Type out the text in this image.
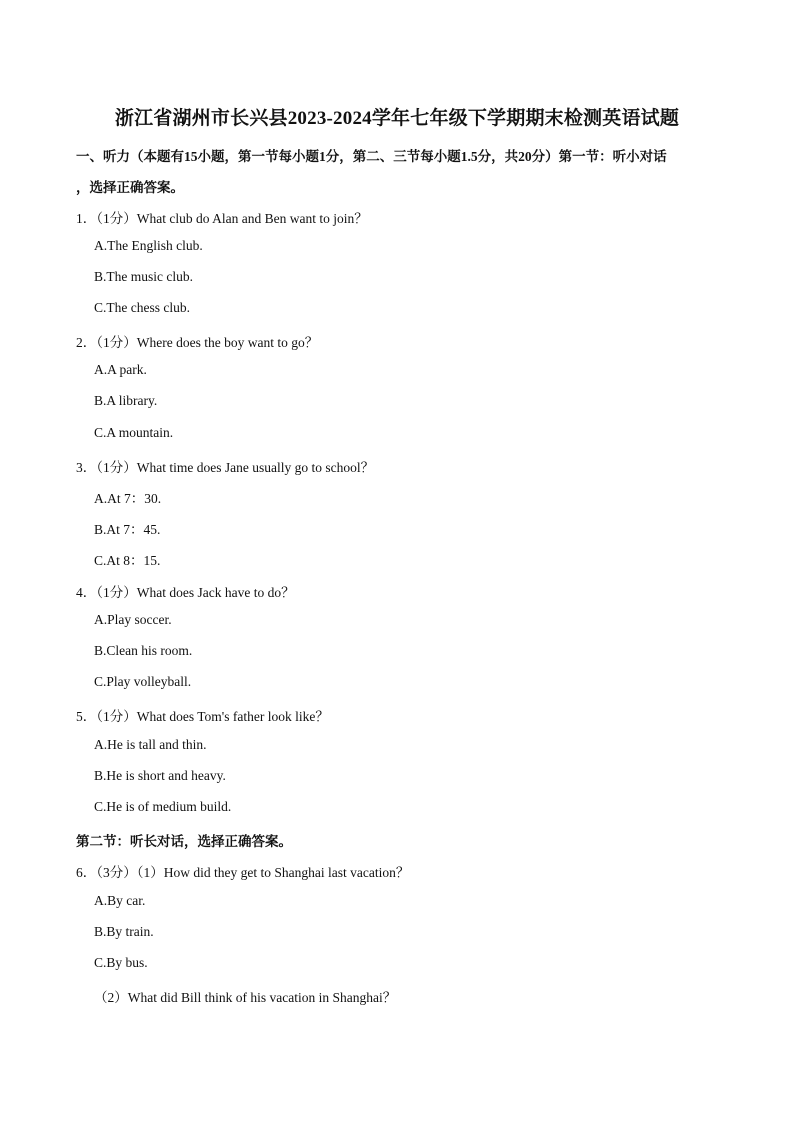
浙江省湖州市长兴县2023-2024学年七年级下学期期末检测英语试题
一、听力（本题有15小题，第一节每小题1分，第二、三节每小题1.5分，共20分）第一节：听小对话
，选择正确答案。
1．（1分）What club do Alan and Ben want to join？
A.The English club.
B.The music club.
C.The chess club.
2．（1分）Where does the boy want to go？
A.A park.
B.A library.
C.A mountain.
3．（1分）What time does Jane usually go to school？
A.At 7：30.
B.At 7：45.
C.At 8：15.
4．（1分）What does Jack have to do？
A.Play soccer.
B.Clean his room.
C.Play volleyball.
5．（1分）What does Tom's father look like？
A.He is tall and thin.
B.He is short and heavy.
C.He is of medium build.
第二节：听长对话，选择正确答案。
6．（3分）（1）How did they get to Shanghai last vacation？
A.By car.
B.By train.
C.By bus.
（2）What did Bill think of his vacation in Shanghai？
